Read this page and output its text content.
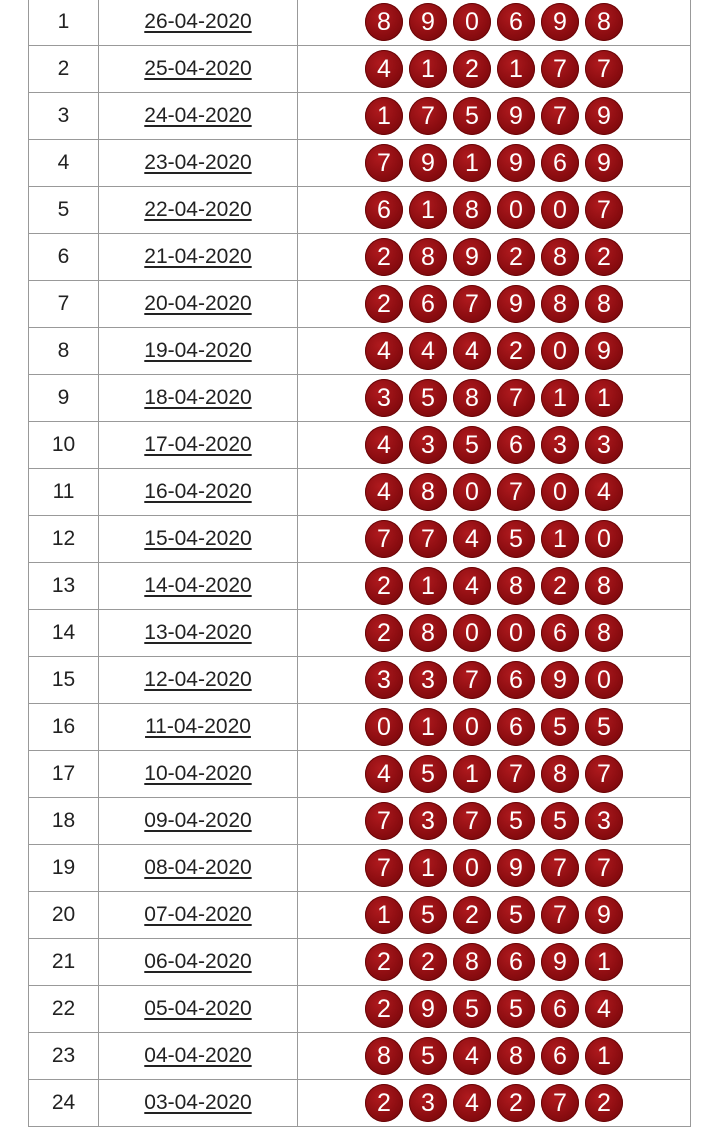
1	26-04-2020	8 9 0 6 9 8
2	25-04-2020	4 1 2 1 7 7
3	24-04-2020	1 7 5 9 7 9
4	23-04-2020	7 9 1 9 6 9
5	22-04-2020	6 1 8 0 0 7
6	21-04-2020	2 8 9 2 8 2
7	20-04-2020	2 6 7 9 8 8
8	19-04-2020	4 4 4 2 0 9
9	18-04-2020	3 5 8 7 1 1
10	17-04-2020	4 3 5 6 3 3
11	16-04-2020	4 8 0 7 0 4
12	15-04-2020	7 7 4 5 1 0
13	14-04-2020	2 1 4 8 2 8
14	13-04-2020	2 8 0 0 6 8
15	12-04-2020	3 3 7 6 9 0
16	11-04-2020	0 1 0 6 5 5
17	10-04-2020	4 5 1 7 8 7
18	09-04-2020	7 3 7 5 5 3
19	08-04-2020	7 1 0 9 7 7
20	07-04-2020	1 5 2 5 7 9
21	06-04-2020	2 2 8 6 9 1
22	05-04-2020	2 9 5 5 6 4
23	04-04-2020	8 5 4 8 6 1
24	03-04-2020	2 3 4 2 7 2
